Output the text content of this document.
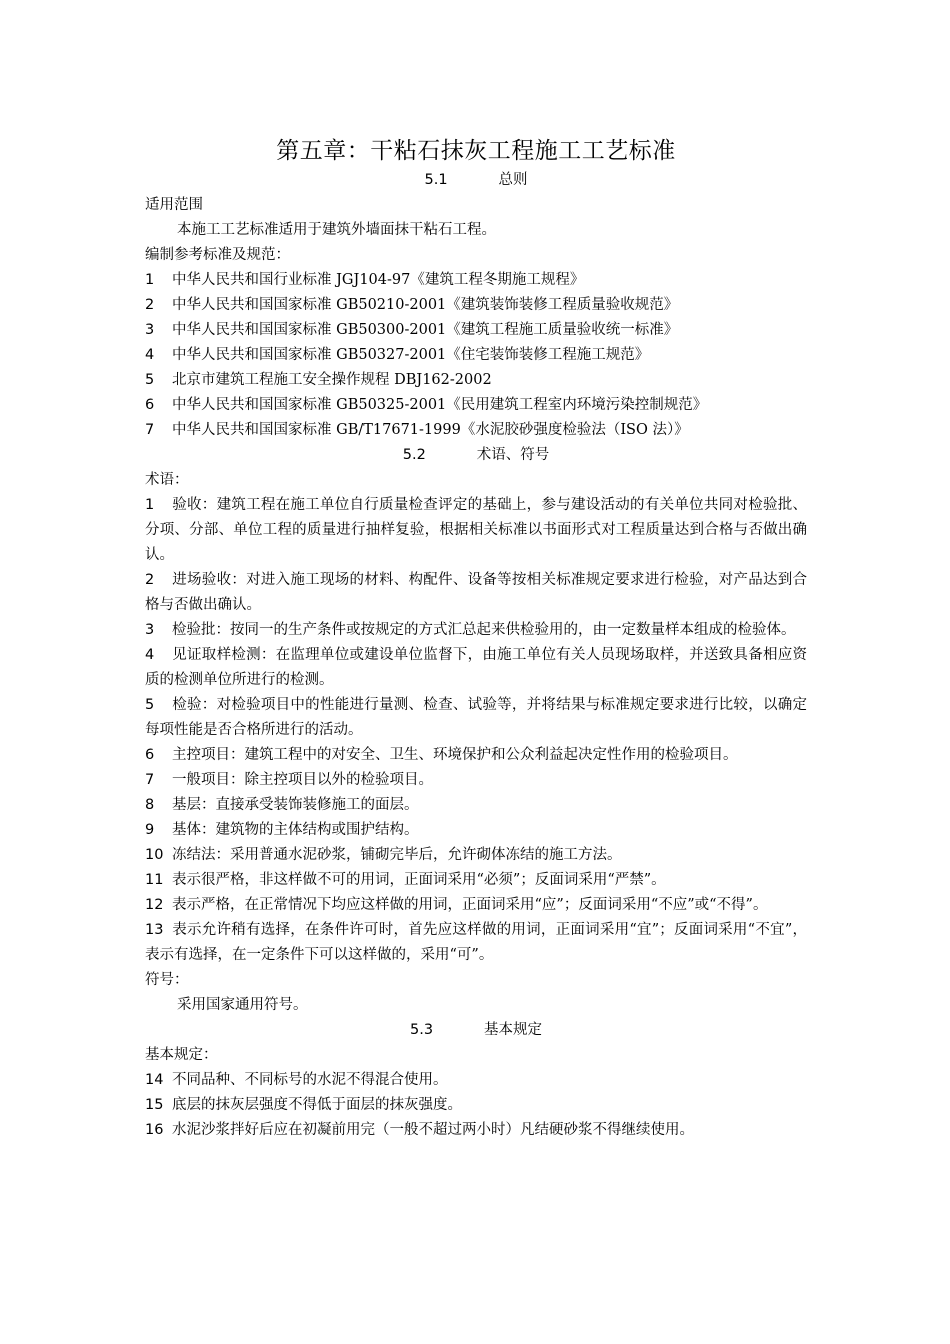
第五章：干粘石抹灰工程施工工艺标准
5.1	总则
适用范围
本施工工艺标准适用于建筑外墙面抹干粘石工程。
编制参考标准及规范：
1 中华人民共和国行业标准 JGJ104-97《建筑工程冬期施工规程》
2 中华人民共和国国家标准 GB50210-2001《建筑装饰装修工程质量验收规范》
3 中华人民共和国国家标准 GB50300-2001《建筑工程施工质量验收统一标准》
4 中华人民共和国国家标准 GB50327-2001《住宅装饰装修工程施工规范》
5 北京市建筑工程施工安全操作规程 DBJ162-2002
6 中华人民共和国国家标准 GB50325-2001《民用建筑工程室内环境污染控制规范》
7 中华人民共和国国家标准 GB/T17671-1999《水泥胶砂强度检验法（ISO 法）》
5.2	术语、符号
术语：
1 验收：建筑工程在施工单位自行质量检查评定的基础上，参与建设活动的有关单位共同对检验批、分项、分部、单位工程的质量进行抽样复验，根据相关标准以书面形式对工程质量达到合格与否做出确认。
2 进场验收：对进入施工现场的材料、构配件、设备等按相关标准规定要求进行检验，对产品达到合格与否做出确认。
3 检验批：按同一的生产条件或按规定的方式汇总起来供检验用的，由一定数量样本组成的检验体。
4 见证取样检测：在监理单位或建设单位监督下，由施工单位有关人员现场取样，并送致具备相应资质的检测单位所进行的检测。
5 检验：对检验项目中的性能进行量测、检查、试验等，并将结果与标准规定要求进行比较，以确定每项性能是否合格所进行的活动。
6 主控项目：建筑工程中的对安全、卫生、环境保护和公众利益起决定性作用的检验项目。
7 一般项目：除主控项目以外的检验项目。
8 基层：直接承受装饰装修施工的面层。
9 基体：建筑物的主体结构或围护结构。
10 冻结法：采用普通水泥砂浆，铺砌完毕后，允许砌体冻结的施工方法。
11 表示很严格，非这样做不可的用词，正面词采用“必须”；反面词采用“严禁”。
12 表示严格，在正常情况下均应这样做的用词，正面词采用“应”；反面词采用“不应”或“不得”。
13 表示允许稍有选择，在条件许可时，首先应这样做的用词，正面词采用“宜”；反面词采用“不宜”，表示有选择，在一定条件下可以这样做的，采用“可”。
符号：
采用国家通用符号。
5.3	基本规定
基本规定：
14 不同品种、不同标号的水泥不得混合使用。
15 底层的抹灰层强度不得低于面层的抹灰强度。
16 水泥沙浆拌好后应在初凝前用完（一般不超过两小时）凡结硬砂浆不得继续使用。
